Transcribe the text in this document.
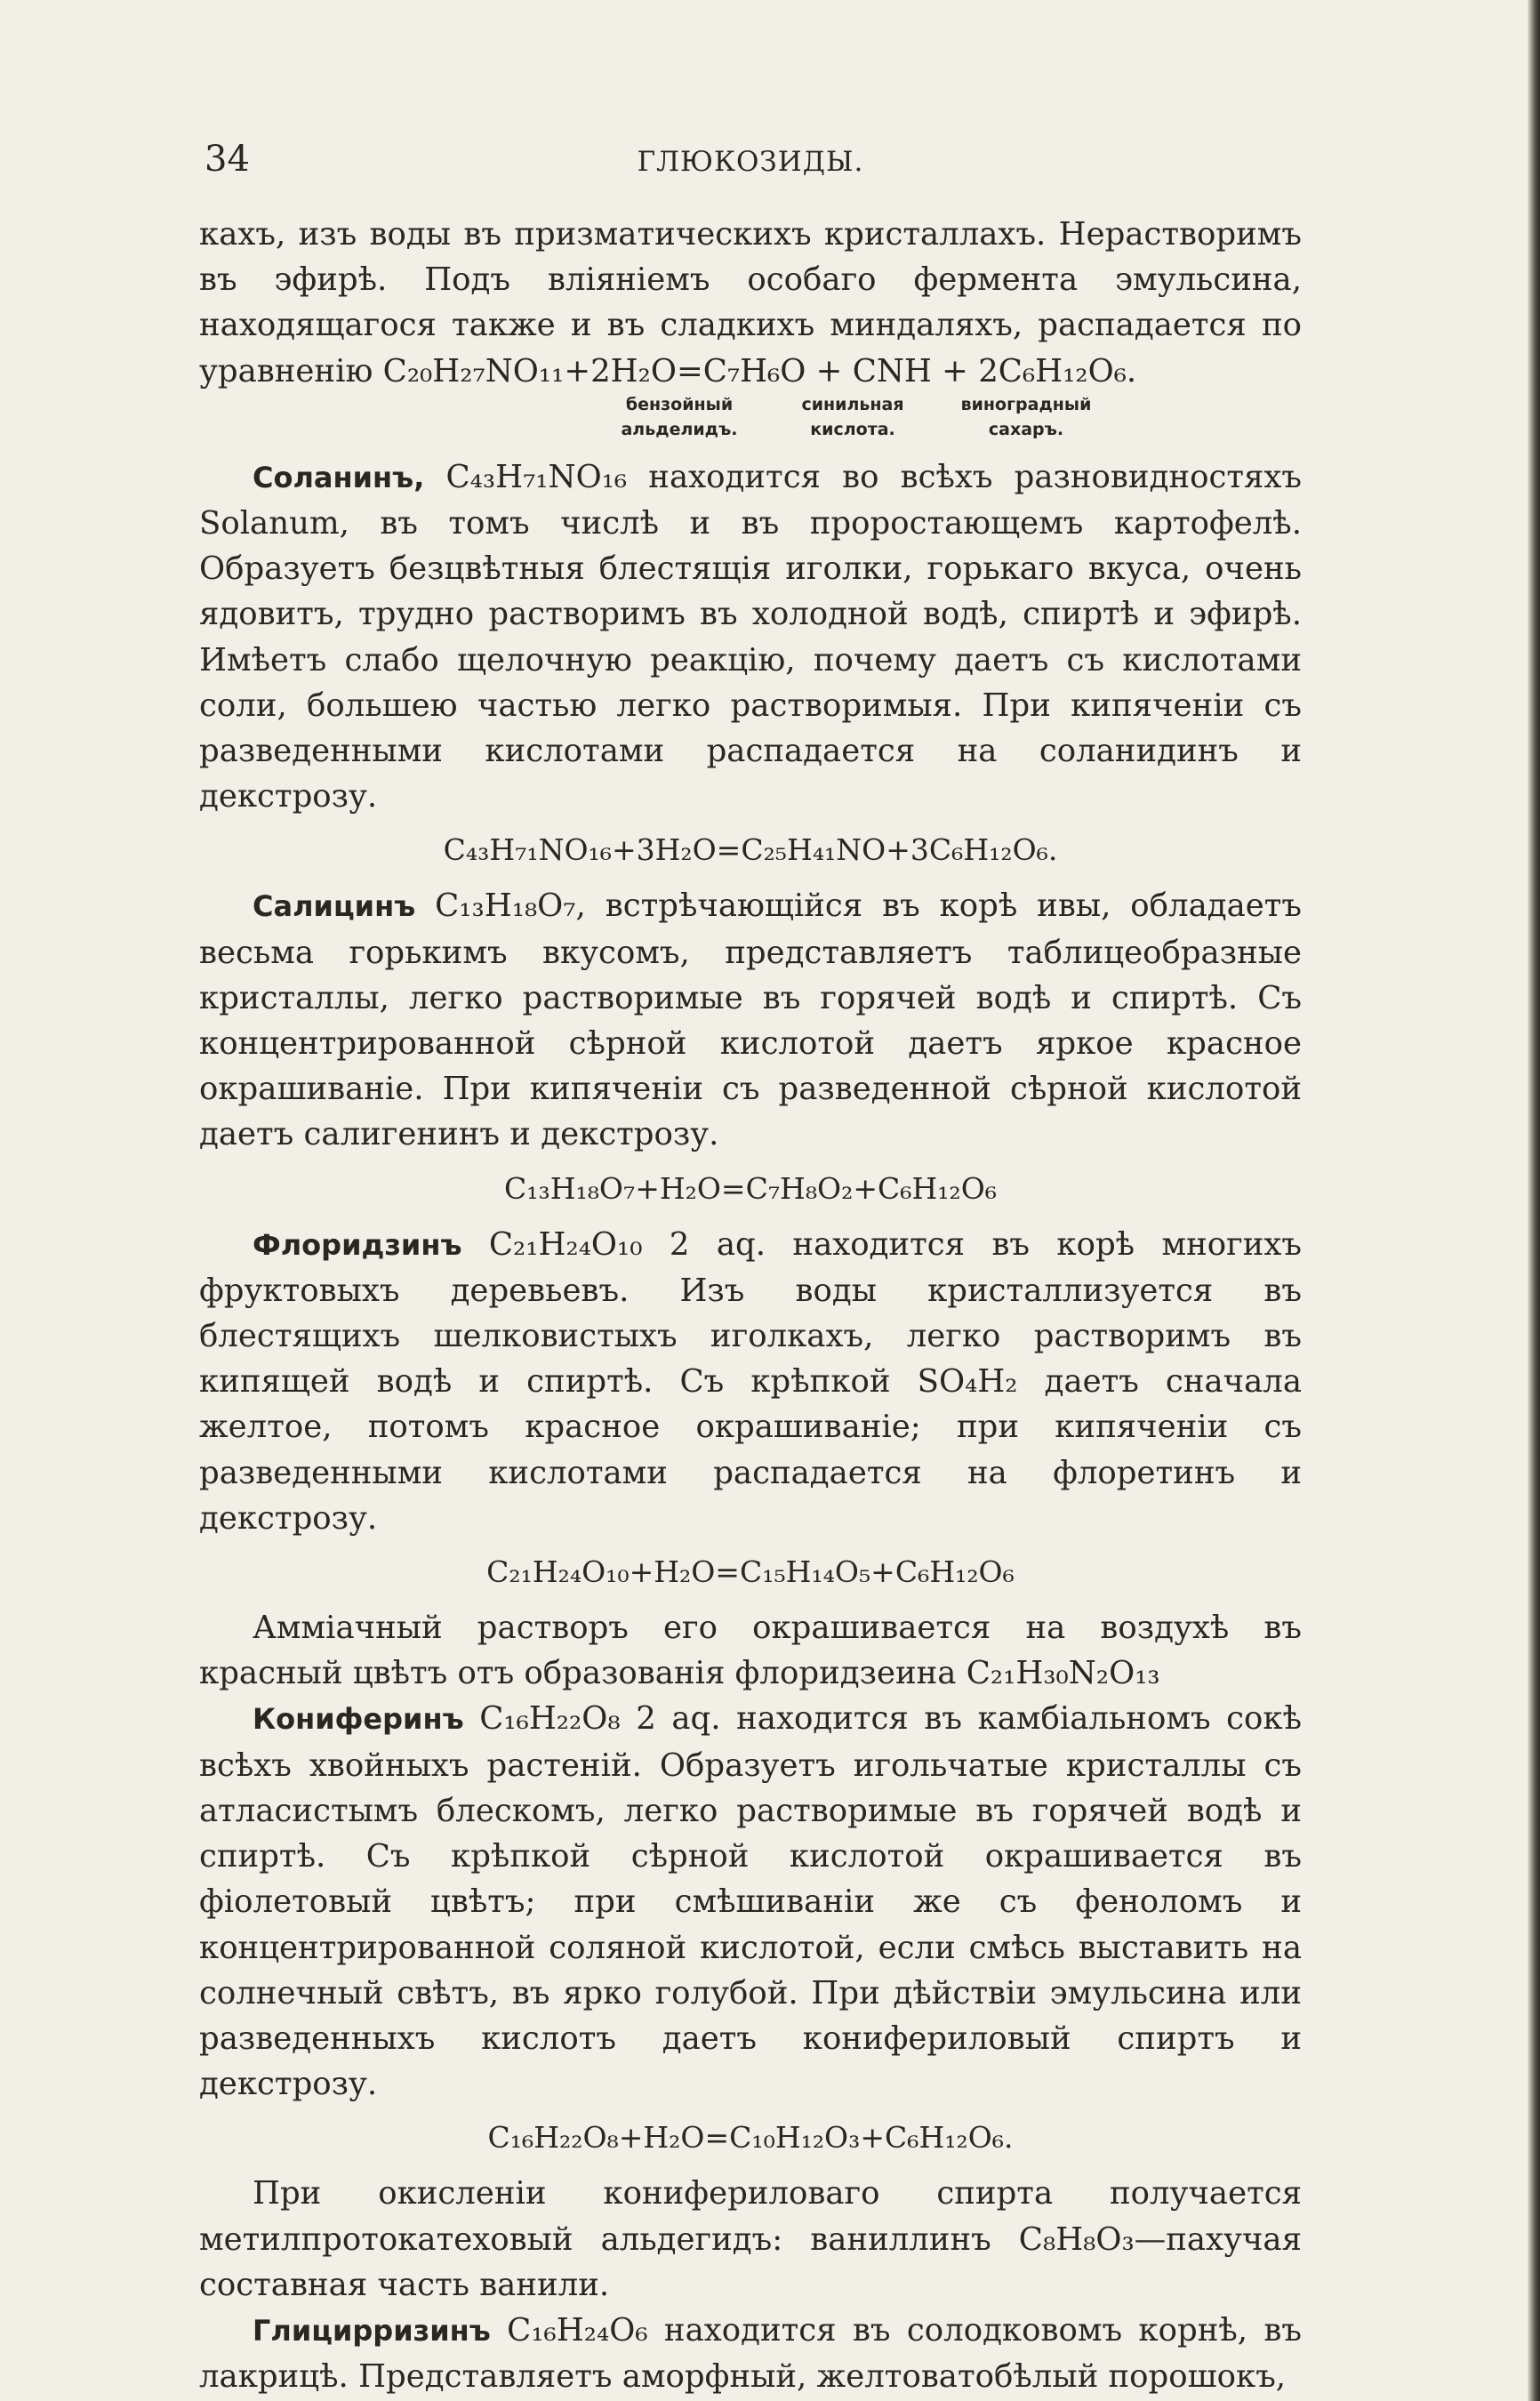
34	ГЛЮКОЗИДЫ.

кахъ, изъ воды въ призматическихъ кристаллахъ. Нерастворимъ въ эфирѣ. Подъ вліяніемъ особаго фермента эмульсина, находящагося также и въ сладкихъ миндаляхъ, распадается по уравненію C₂₀H₂₇NO₁₁+2H₂O=C₇H₆O + CNH + 2C₆H₁₂O₆.

бензойный
альделидъ.
синильная
кислота.
виноградный
сахаръ.

Соланинъ, C₄₃H₇₁NO₁₆ находится во всѣхъ разновидностяхъ Solanum, въ томъ числѣ и въ проростающемъ картофелѣ. Образуетъ безцвѣтныя блестящія иголки, горькаго вкуса, очень ядовитъ, трудно растворимъ въ холодной водѣ, спиртѣ и эфирѣ. Имѣетъ слабо щелочную реакцію, почему даетъ съ кислотами соли, большею частью легко растворимыя. При кипяченіи съ разведенными кислотами распадается на соланидинъ и декстрозу.

C₄₃H₇₁NO₁₆+3H₂O=C₂₅H₄₁NO+3C₆H₁₂O₆.

Салицинъ C₁₃H₁₈O₇, встрѣчающійся въ корѣ ивы, обладаетъ весьма горькимъ вкусомъ, представляетъ таблицеобразные кристаллы, легко растворимые въ горячей водѣ и спиртѣ. Съ концентрированной сѣрной кислотой даетъ яркое красное окрашиваніе. При кипяченіи съ разведенной сѣрной кислотой даетъ салигенинъ и декстрозу.

C₁₃H₁₈O₇+H₂O=C₇H₈O₂+C₆H₁₂O₆

Флоридзинъ C₂₁H₂₄O₁₀ 2 aq. находится въ корѣ многихъ фруктовыхъ деревьевъ. Изъ воды кристаллизуется въ блестящихъ шелковистыхъ иголкахъ, легко растворимъ въ кипящей водѣ и спиртѣ. Съ крѣпкой SO₄H₂ даетъ сначала желтое, потомъ красное окрашиваніе; при кипяченіи съ разведенными кислотами распадается на флоретинъ и декстрозу.

C₂₁H₂₄O₁₀+H₂O=C₁₅H₁₄O₅+C₆H₁₂O₆

Амміачный растворъ его окрашивается на воздухѣ въ красный цвѣтъ отъ образованія флоридзеина C₂₁H₃₀N₂O₁₃

Кониферинъ C₁₆H₂₂O₈ 2 aq. находится въ камбіальномъ сокѣ всѣхъ хвойныхъ растеній. Образуетъ игольчатые кристаллы съ атласистымъ блескомъ, легко растворимые въ горячей водѣ и спиртѣ. Съ крѣпкой сѣрной кислотой окрашивается въ фіолетовый цвѣтъ; при смѣшиваніи же съ феноломъ и концентрированной соляной кислотой, если смѣсь выставить на солнечный свѣтъ, въ ярко голубой. При дѣйствіи эмульсина или разведенныхъ кислотъ даетъ конифериловый спиртъ и декстрозу.

C₁₆H₂₂O₈+H₂O=C₁₀H₁₂O₃+C₆H₁₂O₆.

При окисленіи конифериловаго спирта получается метилпротокатеховый альдегидъ: ваниллинъ C₈H₈O₃—пахучая составная часть ванили.

Глицирризинъ C₁₆H₂₄O₆ находится въ солодковомъ корнѣ, въ лакрицѣ. Представляетъ аморфный, желтоватобѣлый порошокъ,
